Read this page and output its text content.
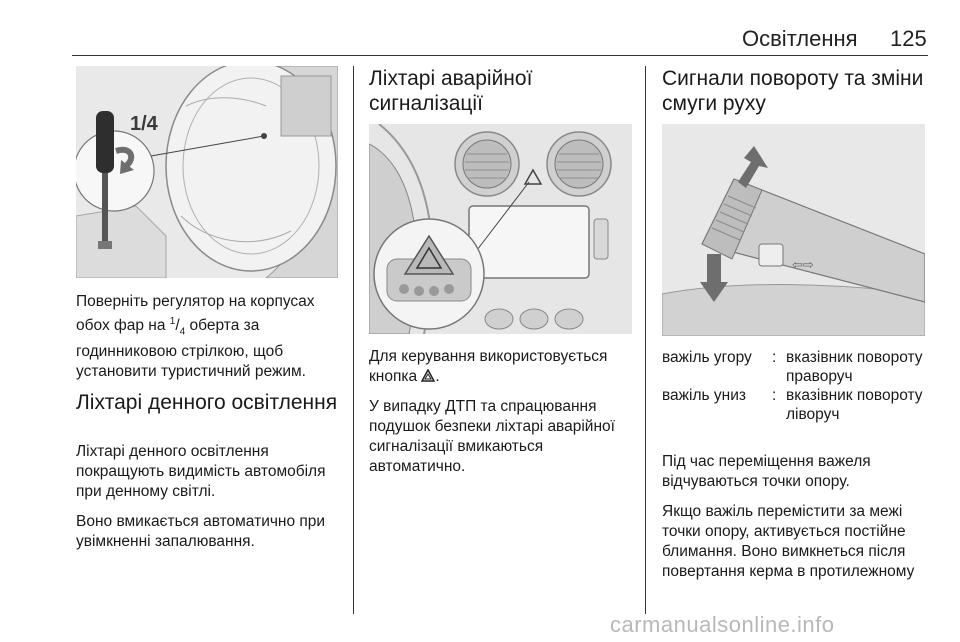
Освітлення 125
1/4

Поверніть регулятор на корпусах обох фар на $^1/_4$ оберта за годинниковою стрілкою, щоб установити туристичний режим.

Ліхтарі денного освітлення

Ліхтарі денного освітлення покращують видимість автомобіля при денному світлі.

Воно вмикається автоматично при увімкненні запалювання.

Ліхтарі аварійної сигналізації

Для керування використовується кнопка .

У випадку ДТП та спрацювання подушок безпеки ліхтарі аварійної сигналізації вмикаються автоматично.

Сигнали повороту та зміни смуги руху
⇦⇨
важіль угору	: вказівник повороту праворуч
важіль униз	: вказівник повороту ліворуч

Під час переміщення важеля відчуваються точки опору.

Якщо важіль перемістити за межі точки опору, активується постійне блимання. Воно вимкнеться після повертання керма в протилежному

carmanualsonline.info
